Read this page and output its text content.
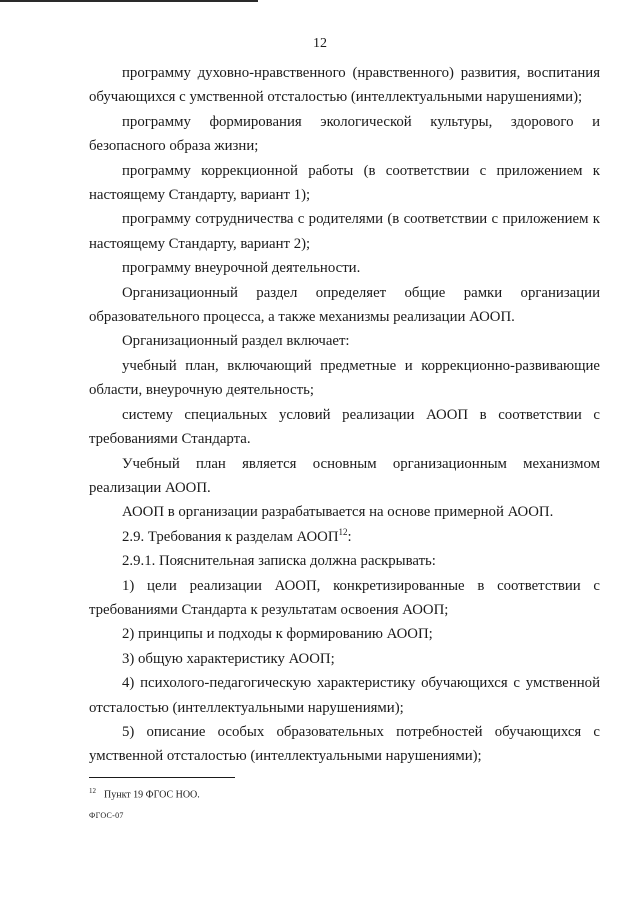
12

программу духовно-нравственного (нравственного) развития, воспитания обучающихся с умственной отсталостью (интеллектуальными нарушениями);

программу формирования экологической культуры, здорового и безопасного образа жизни;

программу коррекционной работы (в соответствии с приложением к настоящему Стандарту, вариант 1);

программу сотрудничества с родителями (в соответствии с приложением к настоящему Стандарту, вариант 2);

программу внеурочной деятельности.

Организационный раздел определяет общие рамки организации образовательного процесса, а также механизмы реализации АООП.

Организационный раздел включает:

учебный план, включающий предметные и коррекционно-развивающие области, внеурочную деятельность;

систему специальных условий реализации АООП в соответствии с требованиями Стандарта.

Учебный план является основным организационным механизмом реализации АООП.

АООП в организации разрабатывается на основе примерной АООП.

2.9. Требования к разделам АООП$^{12}$:

2.9.1. Пояснительная записка должна раскрывать:

1) цели реализации АООП, конкретизированные в соответствии с требованиями Стандарта к результатам освоения АООП;

2) принципы и подходы к формированию АООП;

3) общую характеристику АООП;

4) психолого-педагогическую характеристику обучающихся с умственной отсталостью (интеллектуальными нарушениями);

5) описание особых образовательных потребностей обучающихся с умственной отсталостью (интеллектуальными нарушениями);

$^{12}$ Пункт 19 ФГОС НОО.
ФГОС-07
